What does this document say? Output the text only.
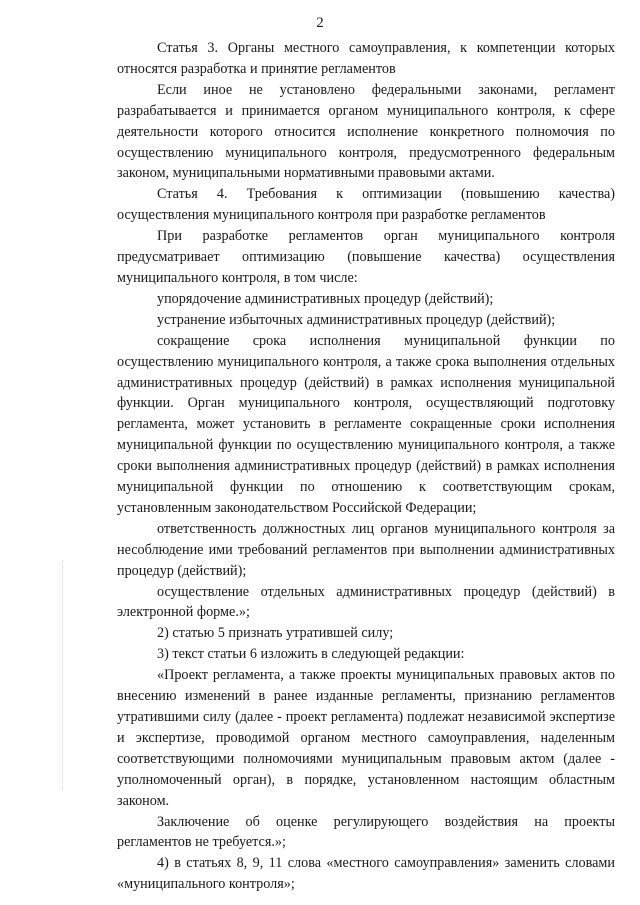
2

Статья 3. Органы местного самоуправления, к компетенции которых относятся разработка и принятие регламентов

Если иное не установлено федеральными законами, регламент разрабатывается и принимается органом муниципального контроля, к сфере деятельности которого относится исполнение конкретного полномочия по осуществлению муниципального контроля, предусмотренного федеральным законом, муниципальными нормативными правовыми актами.

Статья 4. Требования к оптимизации (повышению качества) осуществления муниципального контроля при разработке регламентов

При разработке регламентов орган муниципального контроля предусматривает оптимизацию (повышение качества) осуществления муниципального контроля, в том числе:

упорядочение административных процедур (действий);

устранение избыточных административных процедур (действий);

сокращение срока исполнения муниципальной функции по осуществлению муниципального контроля, а также срока выполнения отдельных административных процедур (действий) в рамках исполнения муниципальной функции. Орган муниципального контроля, осуществляющий подготовку регламента, может установить в регламенте сокращенные сроки исполнения муниципальной функции по осуществлению муниципального контроля, а также сроки выполнения административных процедур (действий) в рамках исполнения муниципальной функции по отношению к соответствующим срокам, установленным законодательством Российской Федерации;

ответственность должностных лиц органов муниципального контроля за несоблюдение ими требований регламентов при выполнении административных процедур (действий);

осуществление отдельных административных процедур (действий) в электронной форме.»;

2) статью 5 признать утратившей силу;

3) текст статьи 6 изложить в следующей редакции:

«Проект регламента, а также проекты муниципальных правовых актов по внесению изменений в ранее изданные регламенты, признанию регламентов утратившими силу (далее - проект регламента) подлежат независимой экспертизе и экспертизе, проводимой органом местного самоуправления, наделенным соответствующими полномочиями муниципальным правовым актом (далее - уполномоченный орган), в порядке, установленном настоящим областным законом.

Заключение об оценке регулирующего воздействия на проекты регламентов не требуется.»;

4) в статьях 8, 9, 11 слова «местного самоуправления» заменить словами «муниципального контроля»;
